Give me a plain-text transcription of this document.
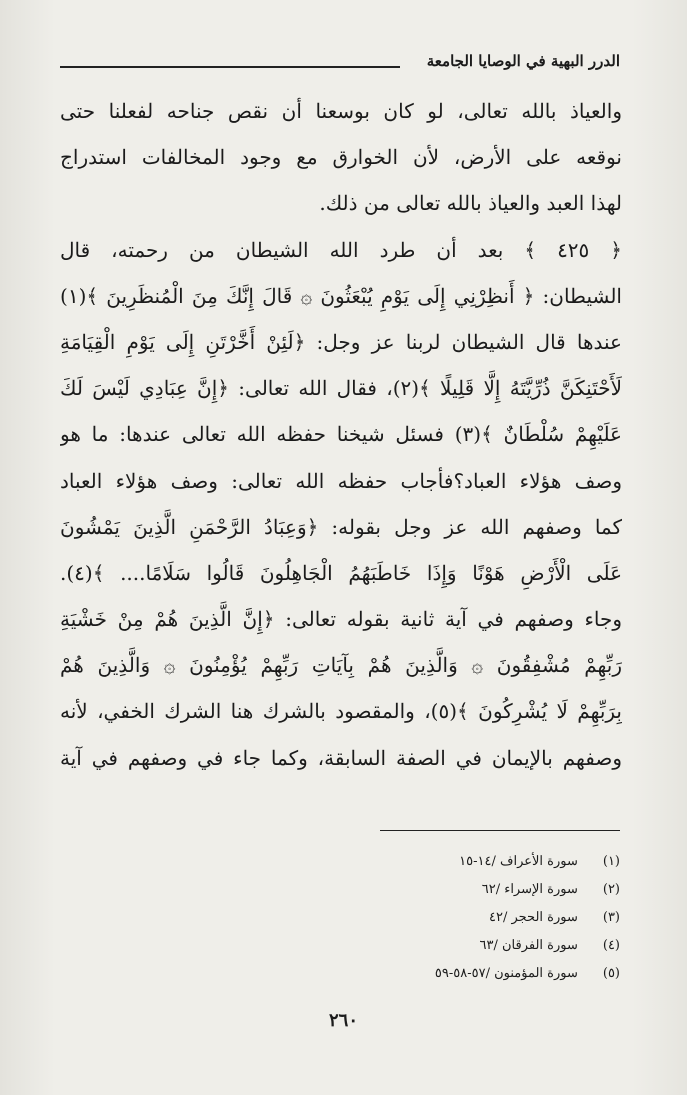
الدرر البهية في الوصايا الجامعة
والعياذ بالله تعالى، لو كان بوسعنا أن نقص جناحه لفعلنا حتى
نوقعه على الأرض، لأن الخوارق مع وجود المخالفات استدراج
لهذا العبد والعياذ بالله تعالى من ذلك.
﴿ ٤٢٥ ﴾ بعد أن طرد الله الشيطان من رحمته، قال
الشيطان: ﴿ أَنظِرْنِي إِلَى يَوْمِ يُبْعَثُونَ ۞ قَالَ إِنَّكَ مِنَ الْمُنظَرِينَ ﴾(١)
عندها قال الشيطان لربنا عز وجل: ﴿لَئِنْ أَخَّرْتَنِ إِلَى يَوْمِ الْقِيَامَةِ
لَأَحْتَنِكَنَّ ذُرِّيَّتَهُ إِلَّا قَلِيلًا ﴾(٢)، فقال الله تعالى: ﴿إِنَّ عِبَادِي لَيْسَ لَكَ
عَلَيْهِمْ سُلْطَانٌ ﴾(٣) فسئل شيخنا حفظه الله تعالى عندها: ما هو
وصف هؤلاء العباد؟فأجاب حفظه الله تعالى: وصف هؤلاء العباد
كما وصفهم الله عز وجل بقوله: ﴿وَعِبَادُ الرَّحْمَنِ الَّذِينَ يَمْشُونَ
عَلَى الْأَرْضِ هَوْنًا وَإِذَا خَاطَبَهُمُ الْجَاهِلُونَ قَالُوا سَلَامًا.... ﴾(٤).
وجاء وصفهم في آية ثانية بقوله تعالى: ﴿إِنَّ الَّذِينَ هُمْ مِنْ خَشْيَةِ
رَبِّهِمْ مُشْفِقُونَ ۞ وَالَّذِينَ هُمْ بِآيَاتِ رَبِّهِمْ يُؤْمِنُونَ ۞ وَالَّذِينَ هُمْ
بِرَبِّهِمْ لَا يُشْرِكُونَ ﴾(٥)، والمقصود بالشرك هنا الشرك الخفي، لأنه
وصفهم بالإيمان في الصفة السابقة، وكما جاء في وصفهم في آية
(١) سورة الأعراف /١٤-١٥
(٢) سورة الإسراء /٦٢
(٣) سورة الحجر /٤٢
(٤) سورة الفرقان /٦٣
(٥) سورة المؤمنون /٥٧-٥٨-٥٩
٢٦٠
